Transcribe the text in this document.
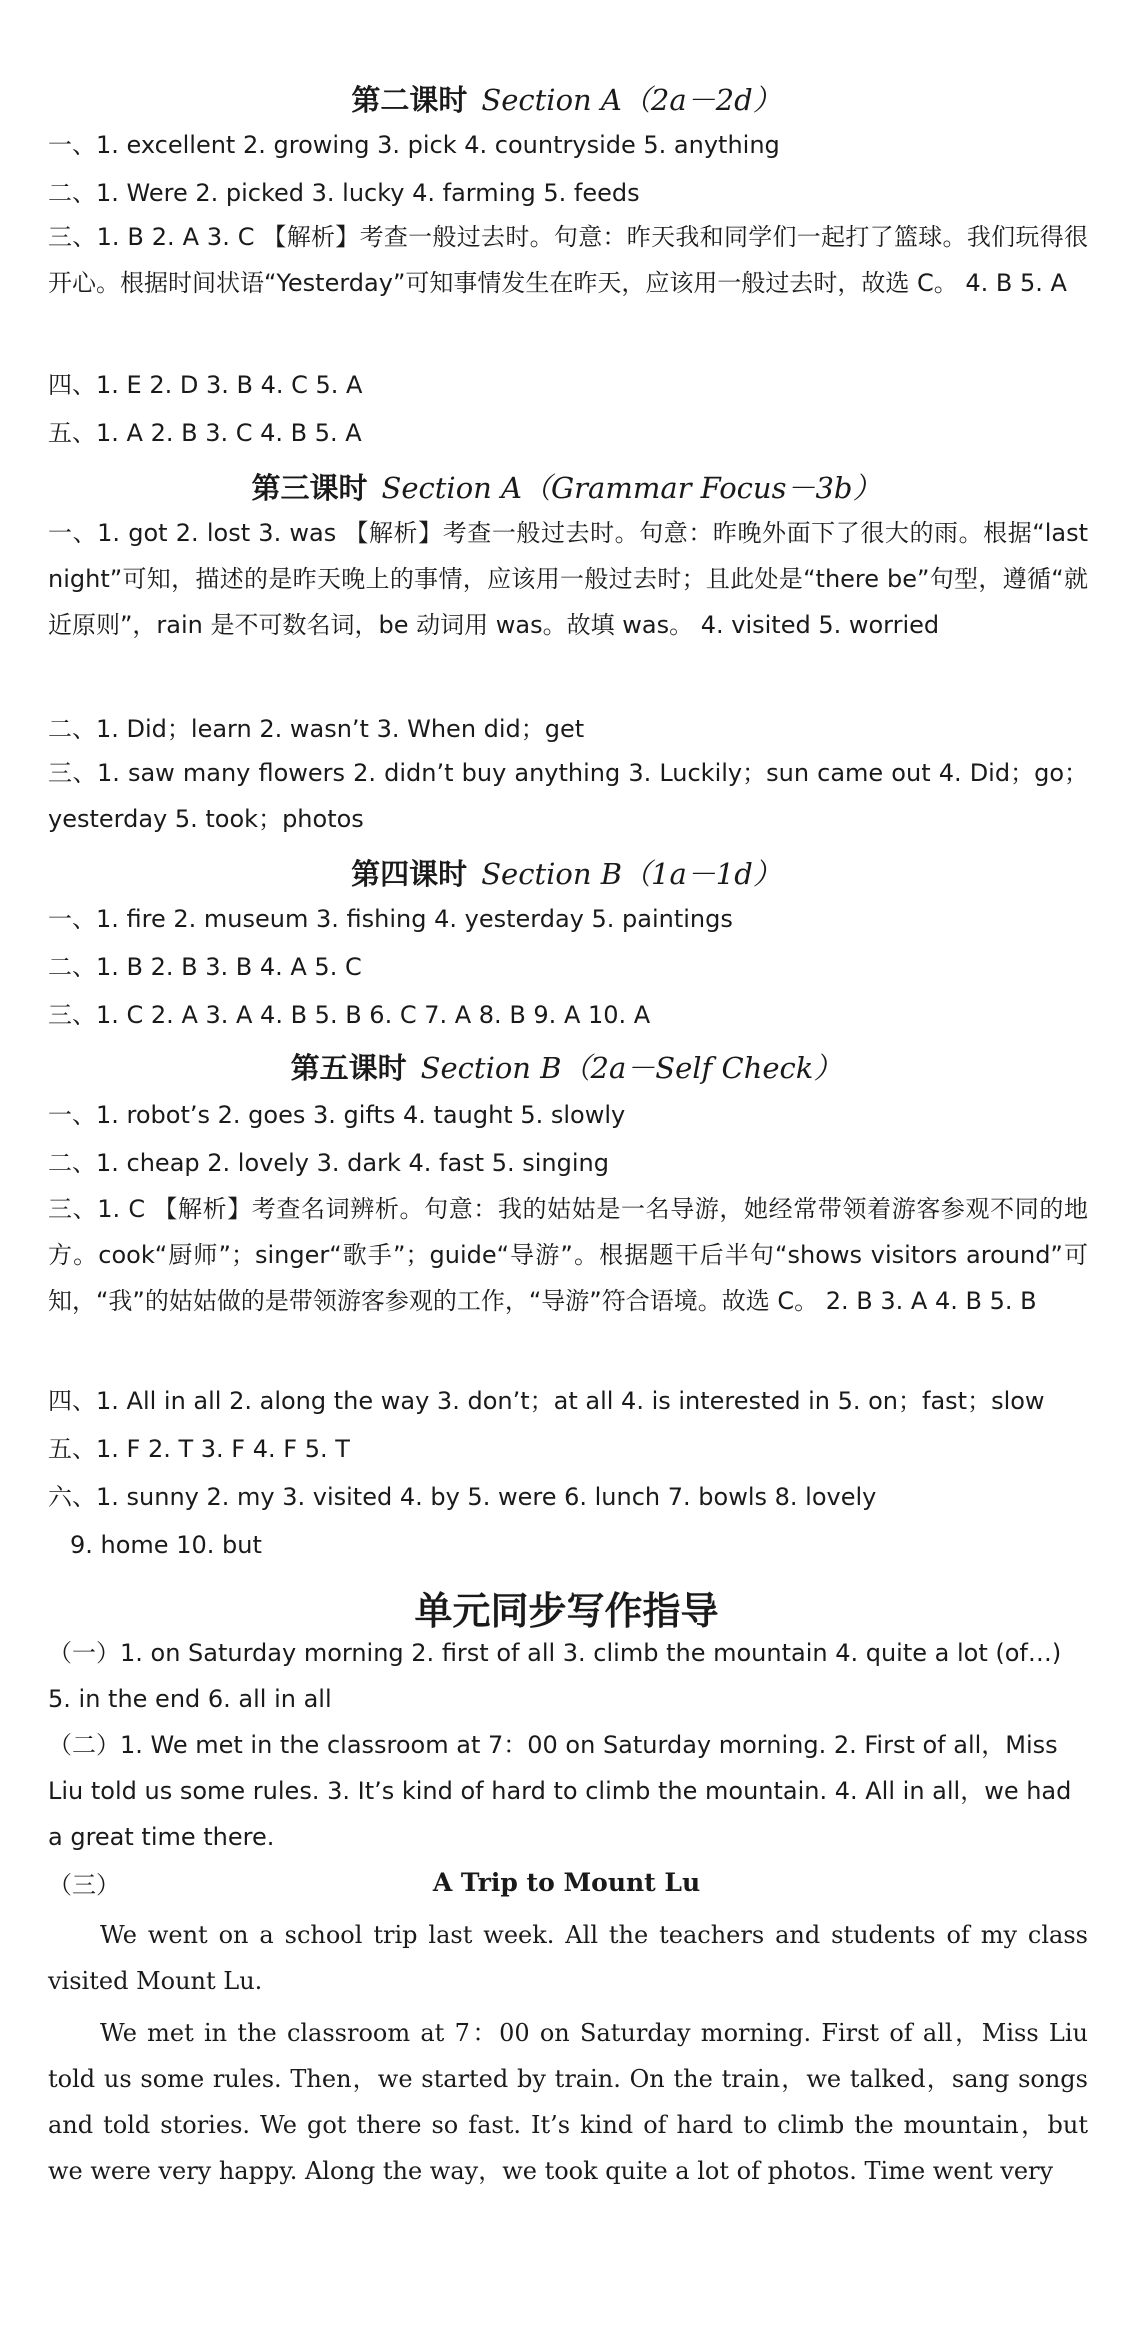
第二课时 Section A（2a－2d）
一、1. excellent 2. growing 3. pick 4. countryside 5. anything
二、1. Were 2. picked 3. lucky 4. farming 5. feeds
三、1. B 2. A 3. C 【解析】考查一般过去时。句意：昨天我和同学们一起打了篮球。我们玩得很开心。根据时间状语“Yesterday”可知事情发生在昨天，应该用一般过去时，故选 C。 4. B 5. A
四、1. E 2. D 3. B 4. C 5. A
五、1. A 2. B 3. C 4. B 5. A
第三课时 Section A（Grammar Focus－3b）
一、1. got 2. lost 3. was 【解析】考查一般过去时。句意：昨晚外面下了很大的雨。根据“last night”可知，描述的是昨天晚上的事情，应该用一般过去时；且此处是“there be”句型，遵循“就近原则”，rain 是不可数名词，be 动词用 was。故填 was。 4. visited 5. worried
二、1. Did；learn 2. wasn’t 3. When did；get
三、1. saw many flowers 2. didn’t buy anything 3. Luckily；sun came out 4. Did；go；yesterday 5. took；photos
第四课时 Section B（1a－1d）
一、1. fire 2. museum 3. fishing 4. yesterday 5. paintings
二、1. B 2. B 3. B 4. A 5. C
三、1. C 2. A 3. A 4. B 5. B 6. C 7. A 8. B 9. A 10. A
第五课时 Section B（2a－Self Check）
一、1. robot’s 2. goes 3. gifts 4. taught 5. slowly
二、1. cheap 2. lovely 3. dark 4. fast 5. singing
三、1. C 【解析】考查名词辨析。句意：我的姑姑是一名导游，她经常带领着游客参观不同的地方。cook“厨师”；singer“歌手”；guide“导游”。根据题干后半句“shows visitors around”可知，“我”的姑姑做的是带领游客参观的工作，“导游”符合语境。故选 C。 2. B 3. A 4. B 5. B
四、1. All in all 2. along the way 3. don’t；at all 4. is interested in 5. on；fast；slow
五、1. F 2. T 3. F 4. F 5. T
六、1. sunny 2. my 3. visited 4. by 5. were 6. lunch 7. bowls 8. lovely
9. home 10. but
单元同步写作指导
（一）1. on Saturday morning 2. first of all 3. climb the mountain 4. quite a lot (of…) 5. in the end 6. all in all
（二）1. We met in the classroom at 7：00 on Saturday morning. 2. First of all，Miss Liu told us some rules. 3. It’s kind of hard to climb the mountain. 4. All in all，we had a great time there.
（三）	A Trip to Mount Lu
We went on a school trip last week. All the teachers and students of my class visited Mount Lu.
We met in the classroom at 7：00 on Saturday morning. First of all，Miss Liu told us some rules. Then，we started by train. On the train，we talked，sang songs and told stories. We got there so fast. It’s kind of hard to climb the mountain，but we were very happy. Along the way，we took quite a lot of photos. Time went very
